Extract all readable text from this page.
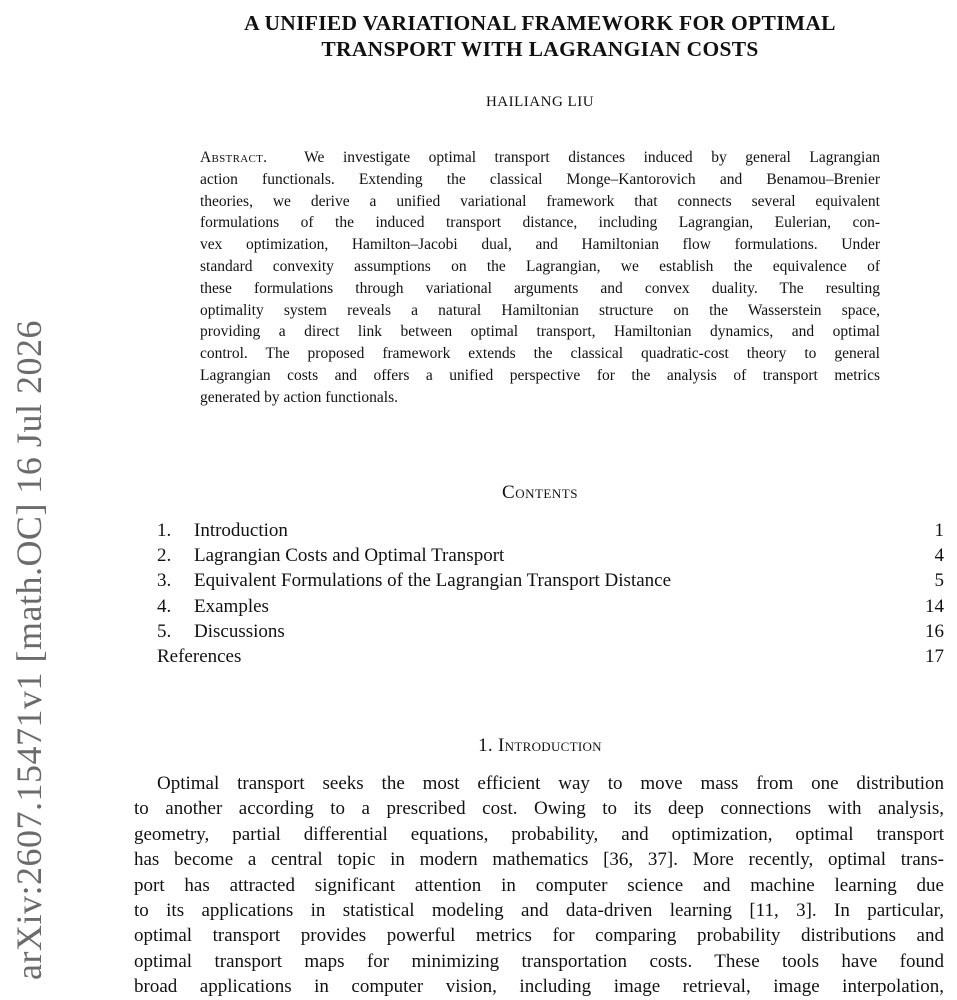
arXiv:2607.15471v1 [math.OC] 16 Jul 2026
A UNIFIED VARIATIONAL FRAMEWORK FOR OPTIMAL
TRANSPORT WITH LAGRANGIAN COSTS
HAILIANG LIU
Abstract. We investigate optimal transport distances induced by general Lagrangian
action functionals. Extending the classical Monge–Kantorovich and Benamou–Brenier
theories, we derive a unified variational framework that connects several equivalent
formulations of the induced transport distance, including Lagrangian, Eulerian, con-
vex optimization, Hamilton–Jacobi dual, and Hamiltonian flow formulations. Under
standard convexity assumptions on the Lagrangian, we establish the equivalence of
these formulations through variational arguments and convex duality. The resulting
optimality system reveals a natural Hamiltonian structure on the Wasserstein space,
providing a direct link between optimal transport, Hamiltonian dynamics, and optimal
control. The proposed framework extends the classical quadratic-cost theory to general
Lagrangian costs and offers a unified perspective for the analysis of transport metrics
generated by action functionals.
Contents
1.	Introduction	1
2.	Lagrangian Costs and Optimal Transport	4
3.	Equivalent Formulations of the Lagrangian Transport Distance	5
4.	Examples	14
5.	Discussions	16
References	17
1. Introduction
Optimal transport seeks the most efficient way to move mass from one distribution
to another according to a prescribed cost. Owing to its deep connections with analysis,
geometry, partial differential equations, probability, and optimization, optimal transport
has become a central topic in modern mathematics [36, 37]. More recently, optimal trans-
port has attracted significant attention in computer science and machine learning due
to its applications in statistical modeling and data-driven learning [11, 3]. In particular,
optimal transport provides powerful metrics for comparing probability distributions and
optimal transport maps for minimizing transportation costs. These tools have found
broad applications in computer vision, including image retrieval, image interpolation,
